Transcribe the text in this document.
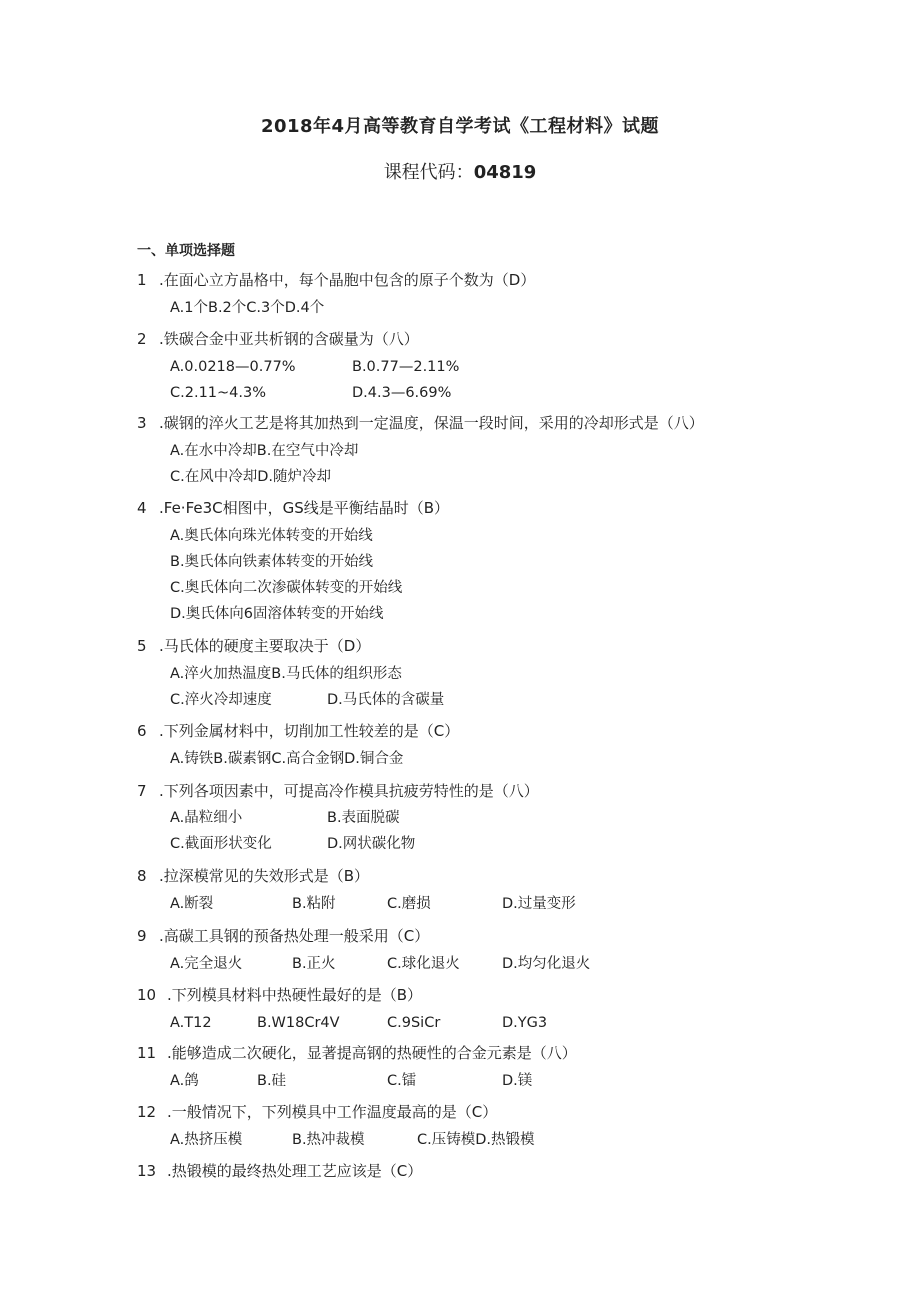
2018年4月高等教育自学考试《工程材料》试题
课程代码：04819
一、单项选择题
1 .在面心立方晶格中，每个晶胞中包含的原子个数为（D）
A.1个B.2个C.3个D.4个
2 .铁碳合金中亚共析钢的含碳量为（八）
A.0.0218—0.77%	B.0.77—2.11%
C.2.11~4.3%	D.4.3—6.69%
3 .碳钢的淬火工艺是将其加热到一定温度，保温一段时间，采用的冷却形式是（八）
A.在水中冷却B.在空气中冷却
C.在风中冷却D.随炉冷却
4 .Fe·Fe3C相图中，GS线是平衡结晶时（B）
A.奥氏体向珠光体转变的开始线
B.奥氏体向铁素体转变的开始线
C.奥氏体向二次渗碳体转变的开始线
D.奥氏体向6固溶体转变的开始线
5 .马氏体的硬度主要取决于（D）
A.淬火加热温度B.马氏体的组织形态
C.淬火冷却速度	D.马氏体的含碳量
6 .下列金属材料中，切削加工性较差的是（C）
A.铸铁B.碳素钢C.高合金钢D.铜合金
7 .下列各项因素中，可提高冷作模具抗疲劳特性的是（八）
A.晶粒细小	B.表面脱碳
C.截面形状变化	D.网状碳化物
8 .拉深模常见的失效形式是（B）
A.断裂	B.粘附	C.磨损	D.过量变形
9 .高碳工具钢的预备热处理一般采用（C）
A.完全退火	B.正火	C.球化退火	D.均匀化退火
10 .下列模具材料中热硬性最好的是（B）
A.T12	B.W18Cr4V	C.9SiCr	D.YG3
11 .能够造成二次硬化，显著提高钢的热硬性的合金元素是（八）
A.鸽	B.硅	C.镭	D.镁
12 .一般情况下，下列模具中工作温度最高的是（C）
A.热挤压模	B.热冲裁模	C.压铸模D.热锻模
13 .热锻模的最终热处理工艺应该是（C）
